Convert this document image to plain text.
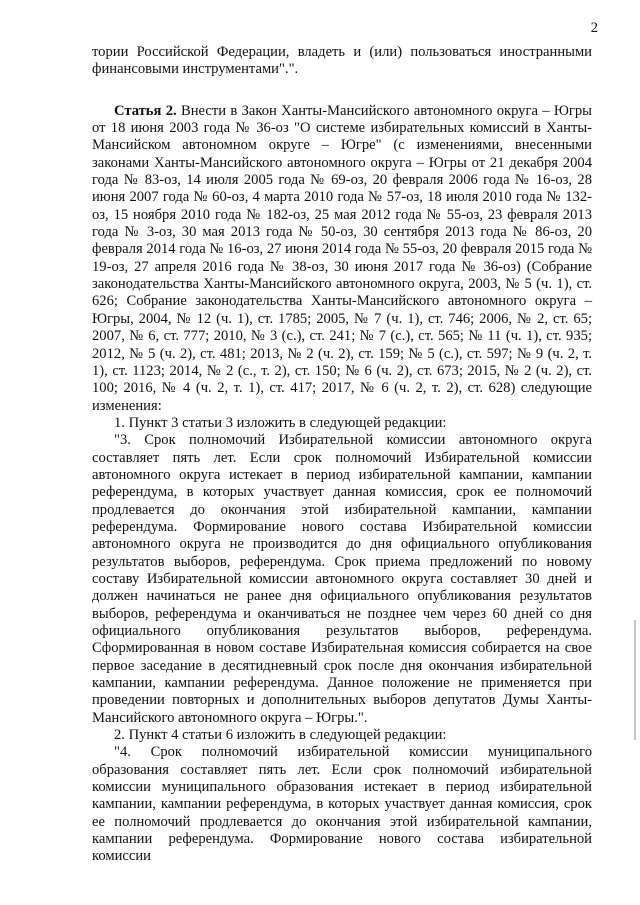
2

тории Российской Федерации, владеть и (или) пользоваться иностранными финансовыми инструментами".".

Статья 2. Внести в Закон Ханты-Мансийского автономного округа – Югры от 18 июня 2003 года № 36-оз "О системе избирательных комиссий в Ханты-Мансийском автономном округе – Югре" (с изменениями, внесенными законами Ханты-Мансийского автономного округа – Югры от 21 декабря 2004 года № 83-оз, 14 июля 2005 года № 69-оз, 20 февраля 2006 года № 16-оз, 28 июня 2007 года № 60-оз, 4 марта 2010 года № 57-оз, 18 июля 2010 года № 132-оз, 15 ноября 2010 года № 182-оз, 25 мая 2012 года № 55-оз, 23 февраля 2013 года № 3-оз, 30 мая 2013 года № 50-оз, 30 сентября 2013 года № 86-оз, 20 февраля 2014 года № 16-оз, 27 июня 2014 года № 55-оз, 20 февраля 2015 года № 19-оз, 27 апреля 2016 года № 38-оз, 30 июня 2017 года № 36-оз) (Собрание законодательства Ханты-Мансийского автономного округа, 2003, № 5 (ч. 1), ст. 626; Собрание законодательства Ханты-Мансийского автономного округа – Югры, 2004, № 12 (ч. 1), ст. 1785; 2005, № 7 (ч. 1), ст. 746; 2006, № 2, ст. 65; 2007, № 6, ст. 777; 2010, № 3 (с.), ст. 241; № 7 (с.), ст. 565; № 11 (ч. 1), ст. 935; 2012, № 5 (ч. 2), ст. 481; 2013, № 2 (ч. 2), ст. 159; № 5 (с.), ст. 597; № 9 (ч. 2, т. 1), ст. 1123; 2014, № 2 (с., т. 2), ст. 150; № 6 (ч. 2), ст. 673; 2015, № 2 (ч. 2), ст. 100; 2016, № 4 (ч. 2, т. 1), ст. 417; 2017, № 6 (ч. 2, т. 2), ст. 628) следующие изменения:

1. Пункт 3 статьи 3 изложить в следующей редакции:

"3. Срок полномочий Избирательной комиссии автономного округа составляет пять лет. Если срок полномочий Избирательной комиссии автономного округа истекает в период избирательной кампании, кампании референдума, в которых участвует данная комиссия, срок ее полномочий продлевается до окончания этой избирательной кампании, кампании референдума. Формирование нового состава Избирательной комиссии автономного округа не производится до дня официального опубликования результатов выборов, референдума. Срок приема предложений по новому составу Избирательной комиссии автономного округа составляет 30 дней и должен начинаться не ранее дня официального опубликования результатов выборов, референдума и оканчиваться не позднее чем через 60 дней со дня официального опубликования результатов выборов, референдума. Сформированная в новом составе Избирательная комиссия собирается на свое первое заседание в десятидневный срок после дня окончания избирательной кампании, кампании референдума. Данное положение не применяется при проведении повторных и дополнительных выборов депутатов Думы Ханты-Мансийского автономного округа – Югры.".

2. Пункт 4 статьи 6 изложить в следующей редакции:

"4. Срок полномочий избирательной комиссии муниципального образования составляет пять лет. Если срок полномочий избирательной комиссии муниципального образования истекает в период избирательной кампании, кампании референдума, в которых участвует данная комиссия, срок ее полномочий продлевается до окончания этой избирательной кампании, кампании референдума. Формирование нового состава избирательной комиссии
